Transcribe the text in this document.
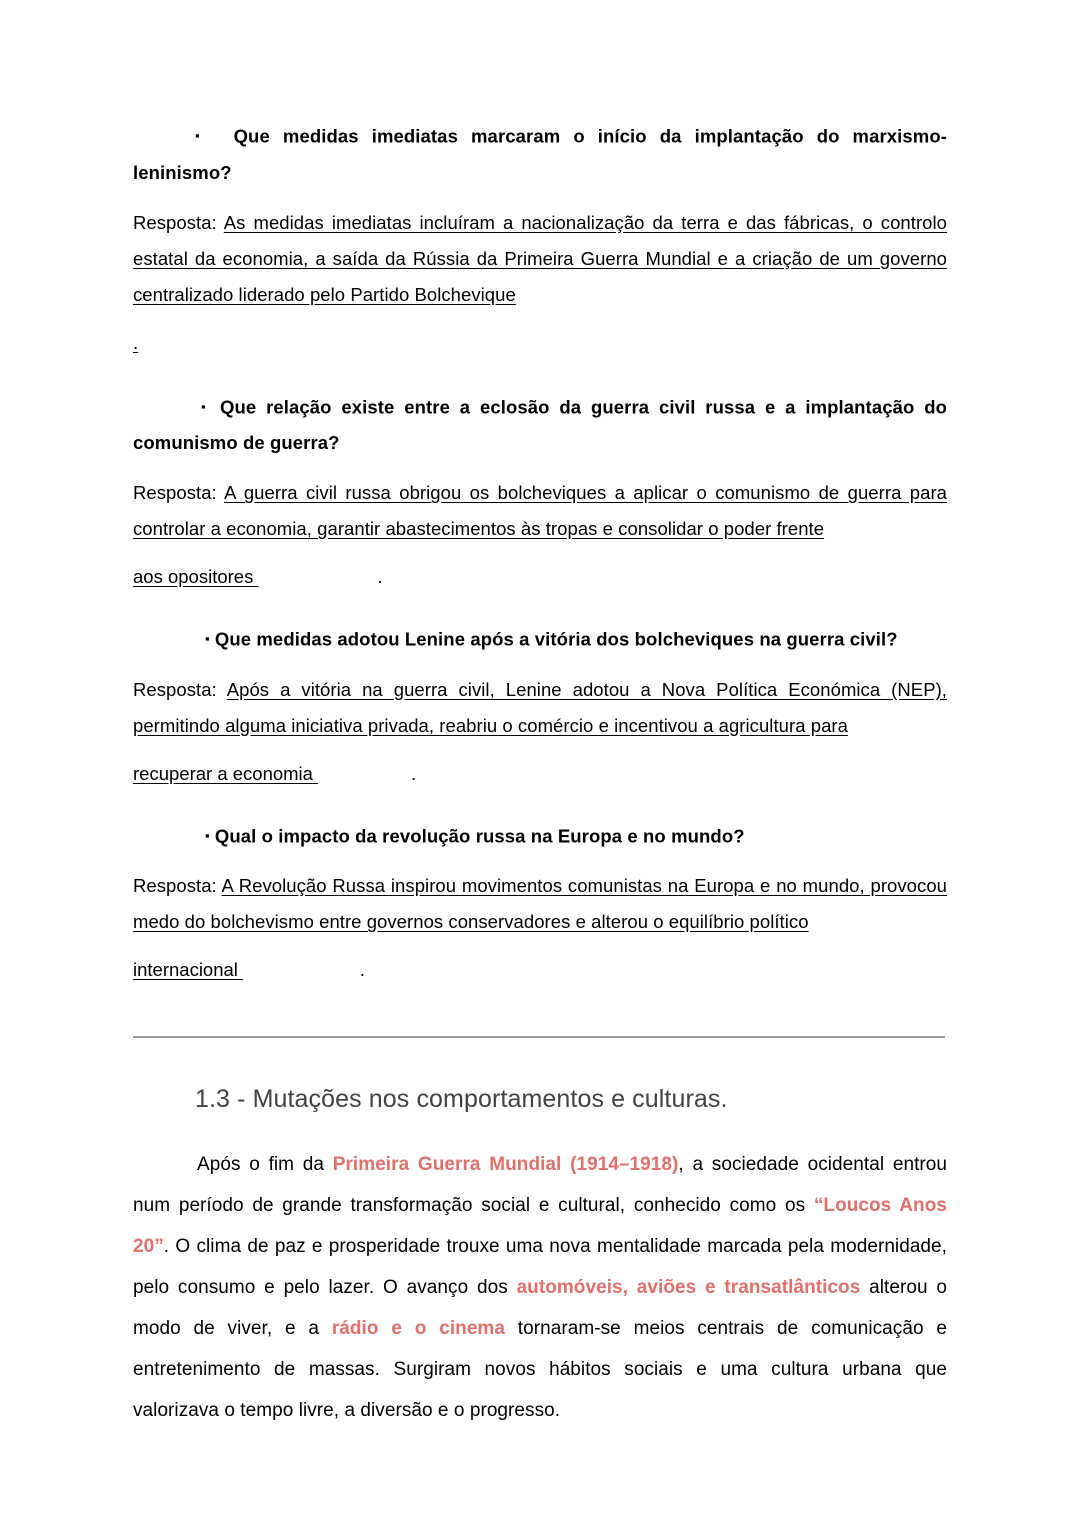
▪ Que medidas imediatas marcaram o início da implantação do marxismo-leninismo?

Resposta: As medidas imediatas incluíram a nacionalização da terra e das fábricas, o controlo estatal da economia, a saída da Rússia da Primeira Guerra Mundial e a criação de um governo centralizado liderado pelo Partido Bolchevique

.

▪ Que relação existe entre a eclosão da guerra civil russa e a implantação do comunismo de guerra?

Resposta: A guerra civil russa obrigou os bolcheviques a aplicar o comunismo de guerra para controlar a economia, garantir abastecimentos às tropas e consolidar o poder frente

aos opositores	.

▪ Que medidas adotou Lenine após a vitória dos bolcheviques na guerra civil?

Resposta: Após a vitória na guerra civil, Lenine adotou a Nova Política Económica (NEP), permitindo alguma iniciativa privada, reabriu o comércio e incentivou a agricultura para

recuperar a economia	.

▪ Qual o impacto da revolução russa na Europa e no mundo?

Resposta: A Revolução Russa inspirou movimentos comunistas na Europa e no mundo, provocou medo do bolchevismo entre governos conservadores e alterou o equilíbrio político

internacional	.

1.3 - Mutações nos comportamentos e culturas.

Após o fim da Primeira Guerra Mundial (1914–1918), a sociedade ocidental entrou num período de grande transformação social e cultural, conhecido como os “Loucos Anos 20”. O clima de paz e prosperidade trouxe uma nova mentalidade marcada pela modernidade, pelo consumo e pelo lazer. O avanço dos automóveis, aviões e transatlânticos alterou o modo de viver, e a rádio e o cinema tornaram-se meios centrais de comunicação e entretenimento de massas. Surgiram novos hábitos sociais e uma cultura urbana que valorizava o tempo livre, a diversão e o progresso.
